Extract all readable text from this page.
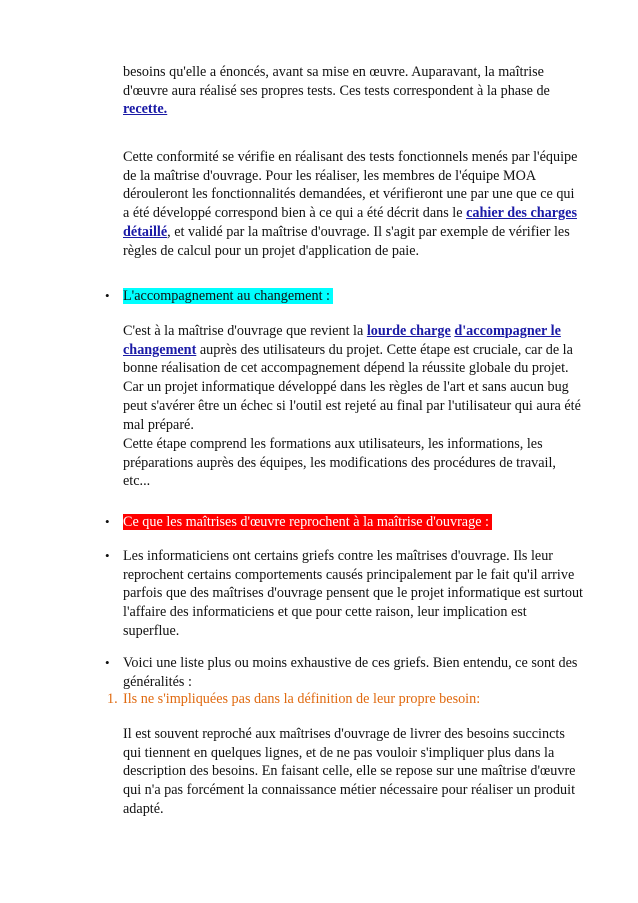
besoins qu'elle a énoncés, avant sa mise en œuvre. Auparavant, la maîtrise d'œuvre aura réalisé ses propres tests. Ces tests correspondent à la phase de recette.

Cette conformité se vérifie en réalisant des tests fonctionnels menés par l'équipe de la maîtrise d'ouvrage. Pour les réaliser, les membres de l'équipe MOA dérouleront les fonctionnalités demandées, et vérifieront une par une que ce qui a été développé correspond bien à ce qui a été décrit dans le cahier des charges détaillé, et validé par la maîtrise d'ouvrage. Il s'agit par exemple de vérifier les règles de calcul pour un projet d'application de paie.

• L'accompagnement au changement :

C'est à la maîtrise d'ouvrage que revient la lourde charge d'accompagner le changement auprès des utilisateurs du projet. Cette étape est cruciale, car de la bonne réalisation de cet accompagnement dépend la réussite globale du projet. Car un projet informatique développé dans les règles de l'art et sans aucun bug peut s'avérer être un échec si l'outil est rejeté au final par l'utilisateur qui aura été mal préparé.

Cette étape comprend les formations aux utilisateurs, les informations, les préparations auprès des équipes, les modifications des procédures de travail, etc...

• Ce que les maîtrises d'œuvre reprochent à la maîtrise d'ouvrage :

• Les informaticiens ont certains griefs contre les maîtrises d'ouvrage. Ils leur reprochent certains comportements causés principalement par le fait qu'il arrive parfois que des maîtrises d'ouvrage pensent que le projet informatique est surtout l'affaire des informaticiens et que pour cette raison, leur implication est superflue.

• Voici une liste plus ou moins exhaustive de ces griefs. Bien entendu, ce sont des généralités :

1. Ils ne s'impliquées pas dans la définition de leur propre besoin:

Il est souvent reproché aux maîtrises d'ouvrage de livrer des besoins succincts qui tiennent en quelques lignes, et de ne pas vouloir s'impliquer plus dans la description des besoins. En faisant celle, elle se repose sur une maîtrise d'œuvre qui n'a pas forcément la connaissance métier nécessaire pour réaliser un produit adapté.
